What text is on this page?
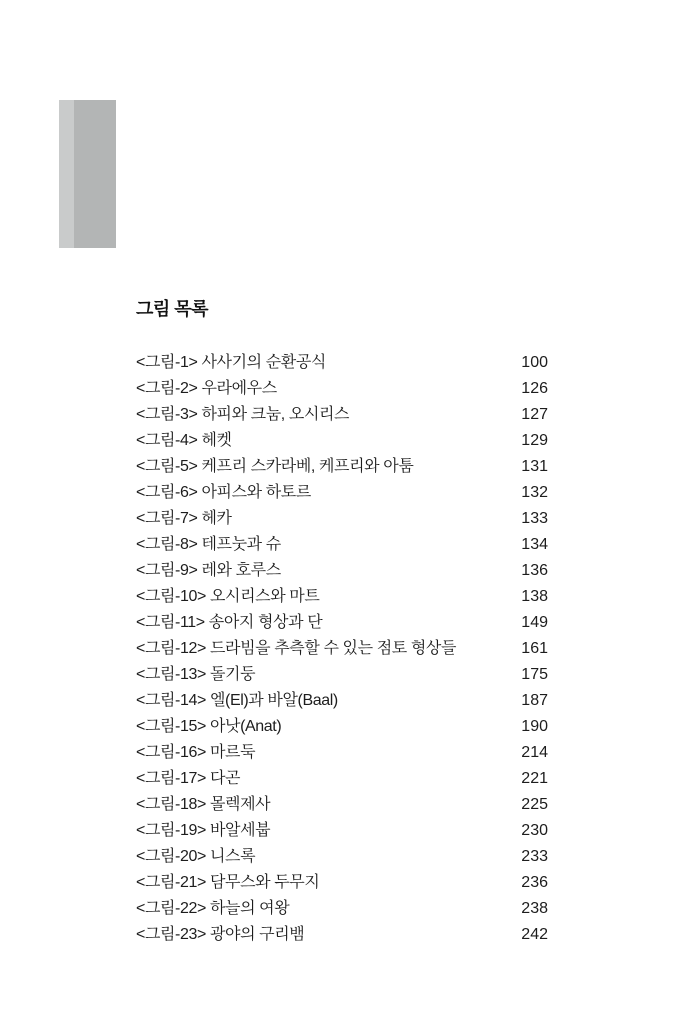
그림 목록
<그림-1> 사사기의 순환공식	100
<그림-2> 우라에우스	126
<그림-3> 하피와 크눔, 오시리스	127
<그림-4> 헤켓	129
<그림-5> 케프리 스카라베, 케프리와 아툼	131
<그림-6> 아피스와 하토르	132
<그림-7> 헤카	133
<그림-8> 테프눗과 슈	134
<그림-9> 레와 호루스	136
<그림-10> 오시리스와 마트	138
<그림-11> 송아지 형상과 단	149
<그림-12> 드라빔을 추측할 수 있는 점토 형상들	161
<그림-13> 돌기둥	175
<그림-14> 엘(El)과 바알(Baal)	187
<그림-15> 아낫(Anat)	190
<그림-16> 마르둑	214
<그림-17> 다곤	221
<그림-18> 몰렉제사	225
<그림-19> 바알세붑	230
<그림-20> 니스록	233
<그림-21> 담무스와 두무지	236
<그림-22> 하늘의 여왕	238
<그림-23> 광야의 구리뱀	242
